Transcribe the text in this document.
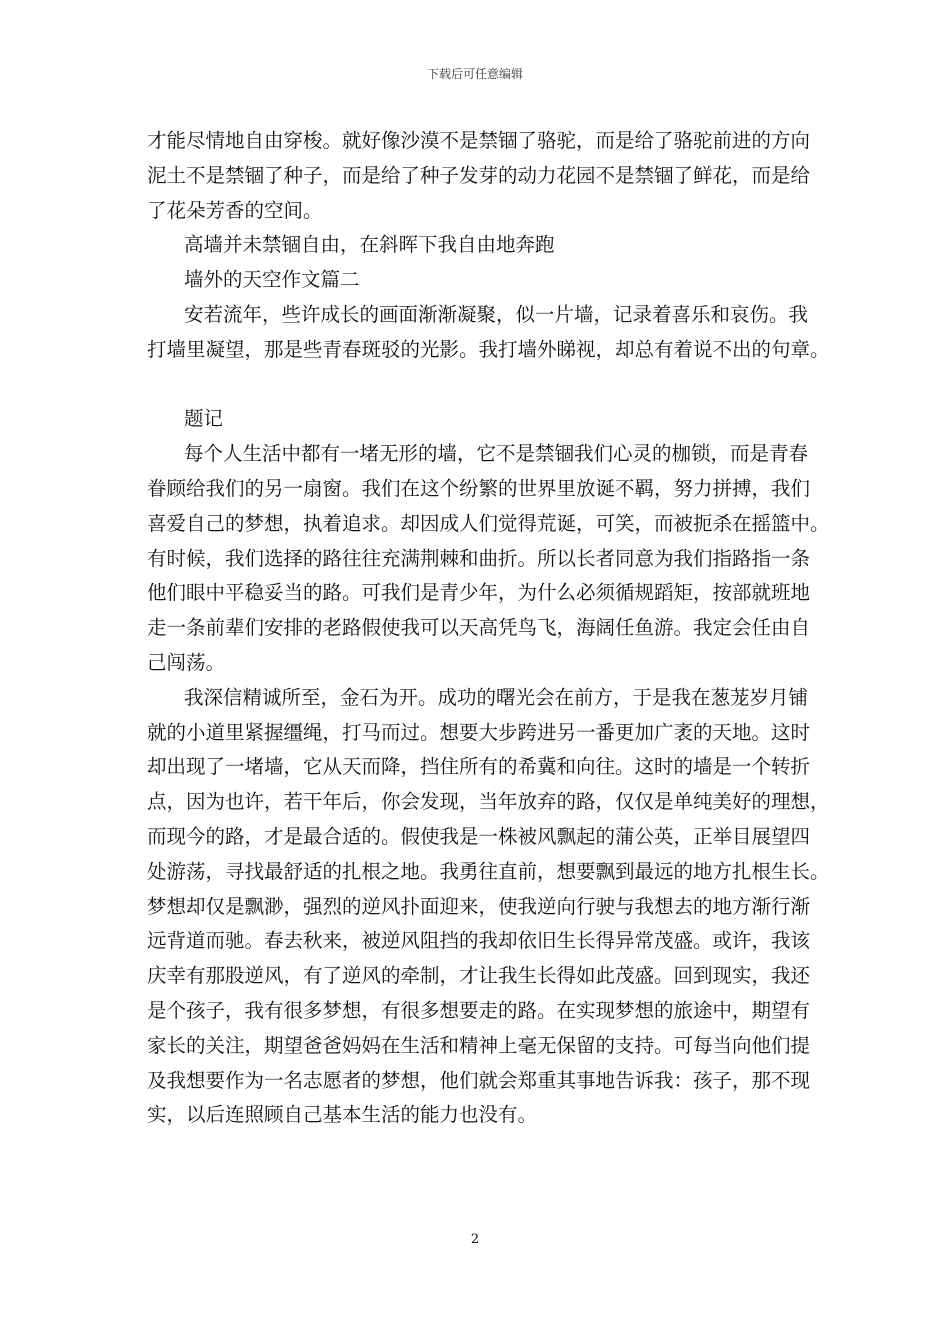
下载后可任意编辑
才能尽情地自由穿梭。就好像沙漠不是禁锢了骆驼，而是给了骆驼前进的方向
泥土不是禁锢了种子，而是给了种子发芽的动力花园不是禁锢了鲜花，而是给
了花朵芳香的空间。
高墙并未禁锢自由，在斜晖下我自由地奔跑
墙外的天空作文篇二
安若流年，些许成长的画面渐渐凝聚，似一片墙，记录着喜乐和哀伤。我
打墙里凝望，那是些青春斑驳的光影。我打墙外睇视，却总有着说不出的句章。
题记
每个人生活中都有一堵无形的墙，它不是禁锢我们心灵的枷锁，而是青春
眷顾给我们的另一扇窗。我们在这个纷繁的世界里放诞不羁，努力拼搏，我们
喜爱自己的梦想，执着追求。却因成人们觉得荒诞，可笑，而被扼杀在摇篮中。
有时候，我们选择的路往往充满荆棘和曲折。所以长者同意为我们指路指一条
他们眼中平稳妥当的路。可我们是青少年，为什么必须循规蹈矩，按部就班地
走一条前辈们安排的老路假使我可以天高凭鸟飞，海阔任鱼游。我定会任由自
己闯荡。
我深信精诚所至，金石为开。成功的曙光会在前方，于是我在葱茏岁月铺
就的小道里紧握缰绳，打马而过。想要大步跨进另一番更加广袤的天地。这时
却出现了一堵墙，它从天而降，挡住所有的希冀和向往。这时的墙是一个转折
点，因为也许，若干年后，你会发现，当年放弃的路，仅仅是单纯美好的理想，
而现今的路，才是最合适的。假使我是一株被风飘起的蒲公英，正举目展望四
处游荡，寻找最舒适的扎根之地。我勇往直前，想要飘到最远的地方扎根生长。
梦想却仅是飘渺，强烈的逆风扑面迎来，使我逆向行驶与我想去的地方渐行渐
远背道而驰。春去秋来，被逆风阻挡的我却依旧生长得异常茂盛。或许，我该
庆幸有那股逆风，有了逆风的牵制，才让我生长得如此茂盛。回到现实，我还
是个孩子，我有很多梦想，有很多想要走的路。在实现梦想的旅途中，期望有
家长的关注，期望爸爸妈妈在生活和精神上毫无保留的支持。可每当向他们提
及我想要作为一名志愿者的梦想，他们就会郑重其事地告诉我：孩子，那不现
实，以后连照顾自己基本生活的能力也没有。
2
